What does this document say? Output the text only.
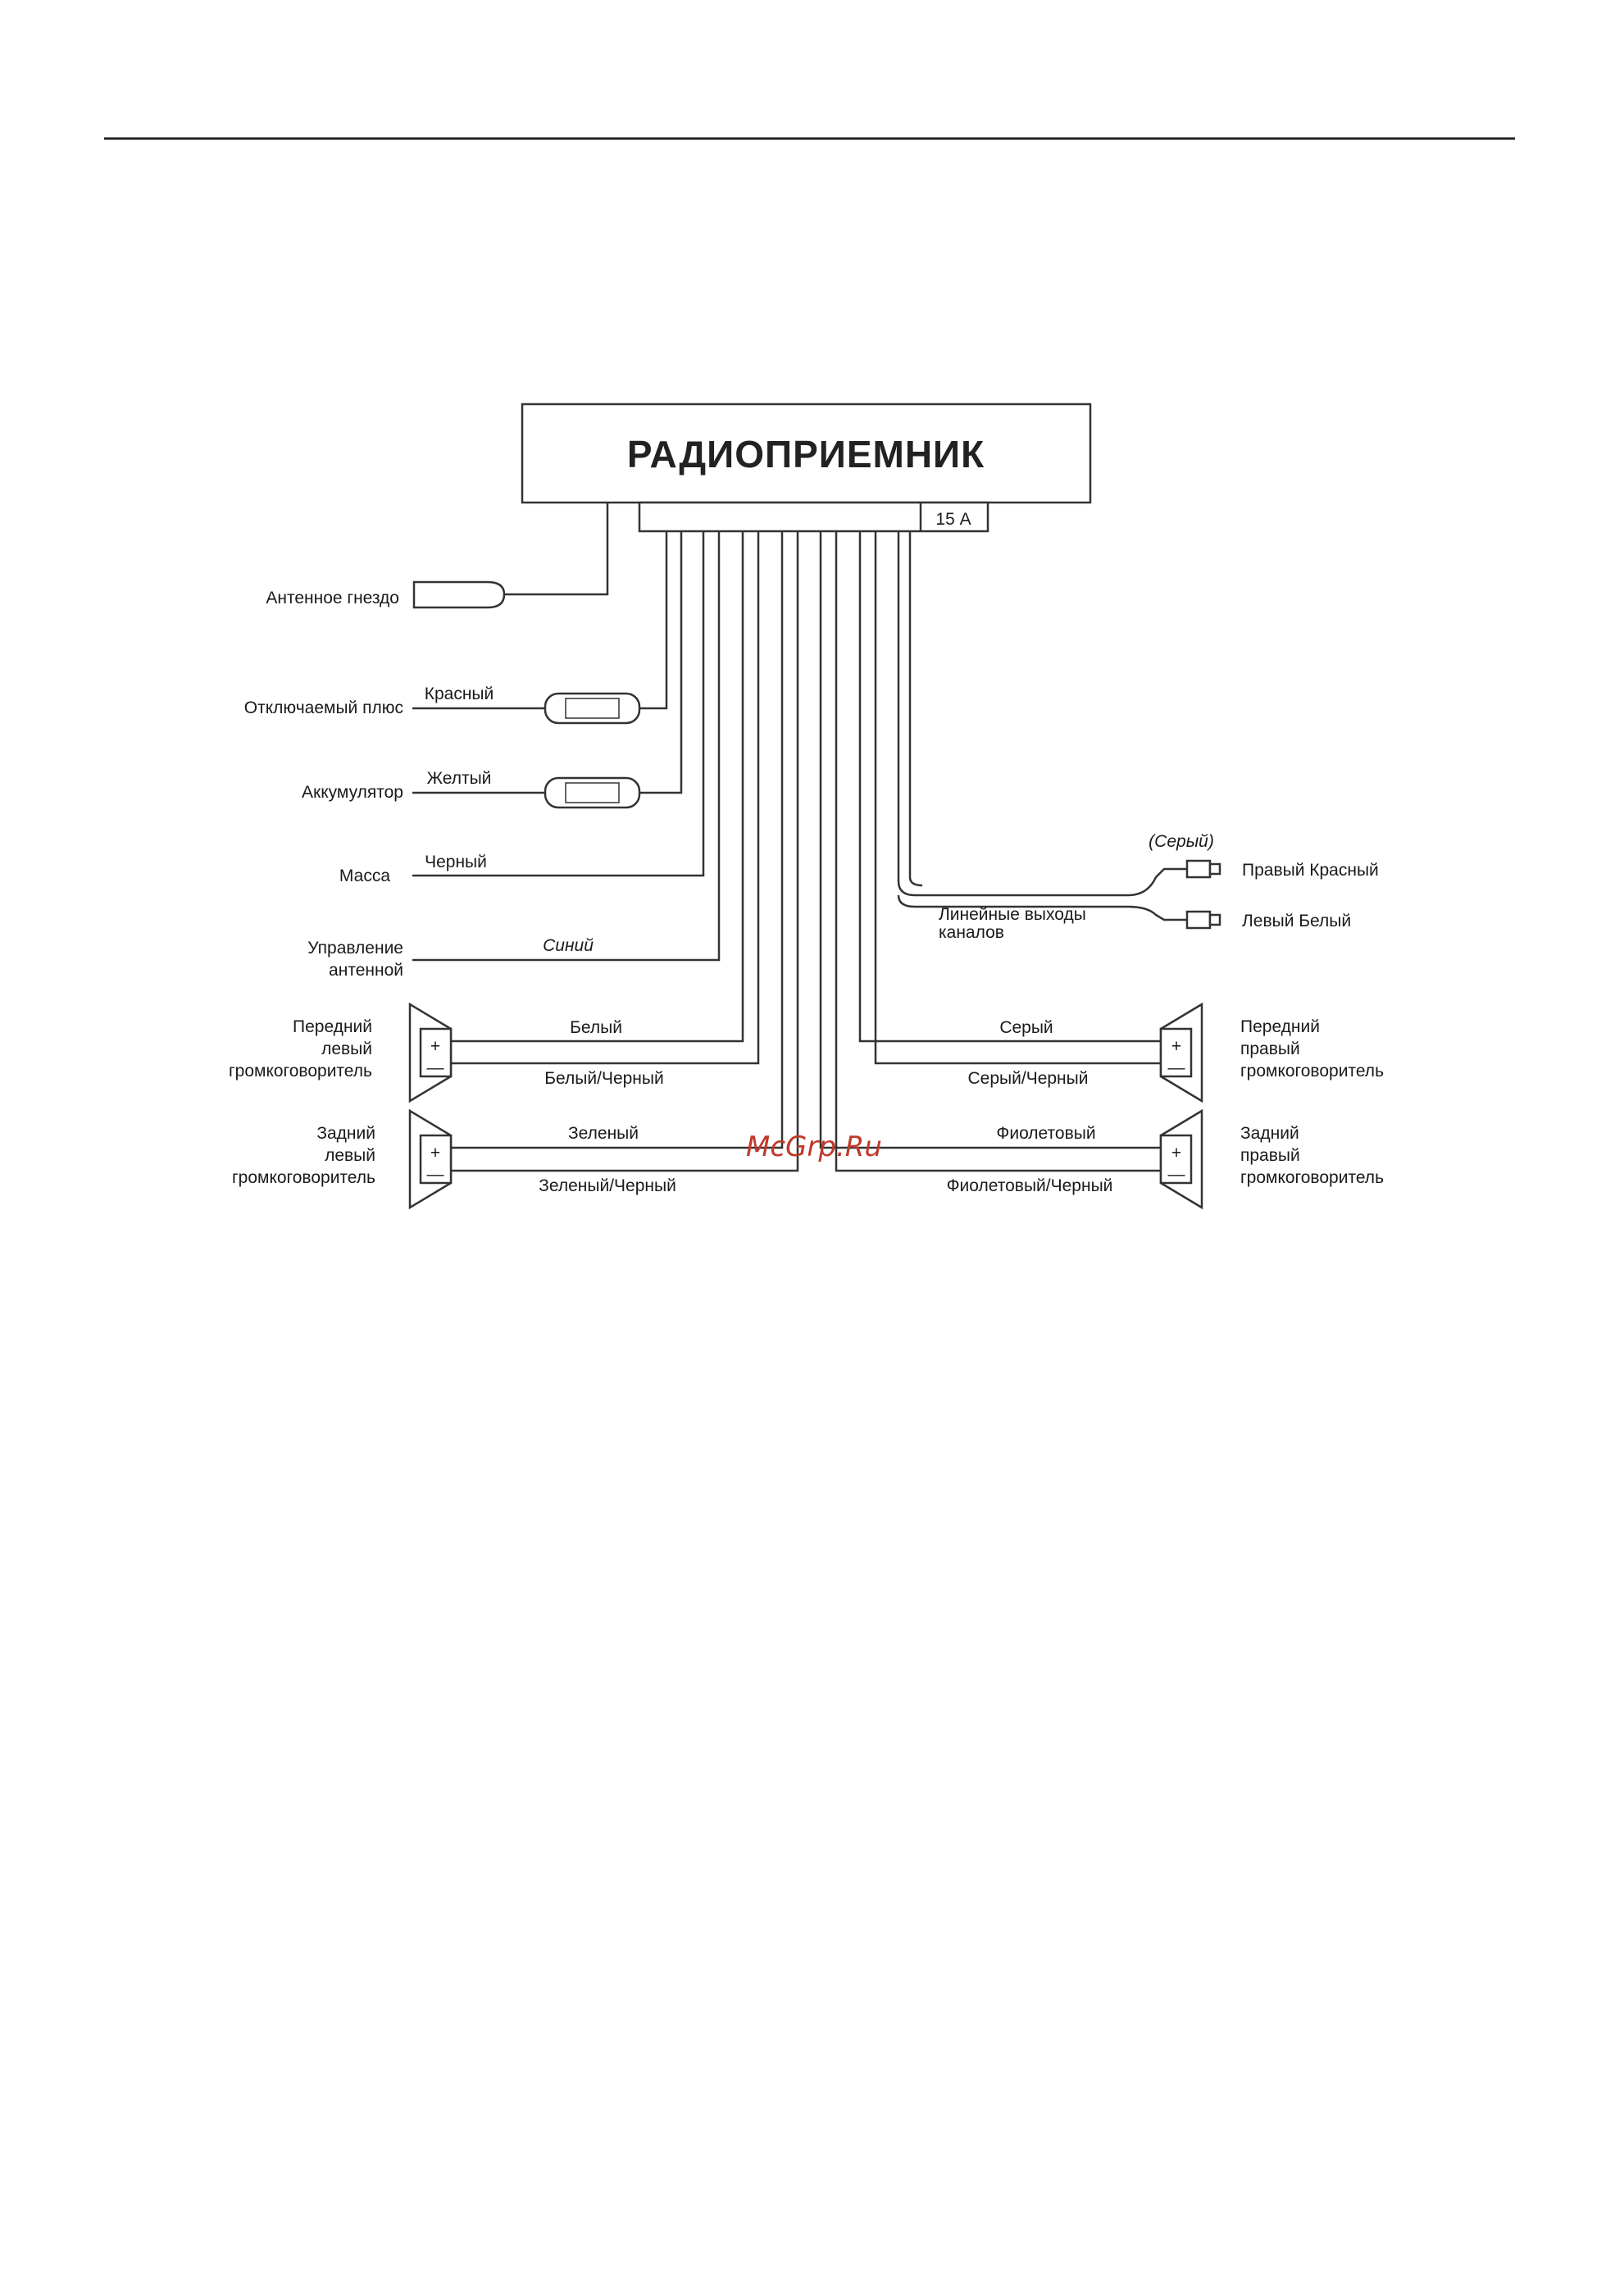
РАДИОПРИЕМНИК
15 А
Антенное гнездо
Отключаемый плюс
Красный
Аккумулятор
Желтый
Масса
Черный
Управление
антенной
Синий
+
—
Белый
Белый/Черный
Передний
левый
громкоговоритель
+
—
Зеленый
Зеленый/Черный
Задний
левый
громкоговоритель
+
—
Фиолетовый
Фиолетовый/Черный
Задний
правый
громкоговоритель
+
—
Серый
Серый/Черный
Передний
правый
громкоговоритель
(Серый)
Правый Красный
Левый Белый
Линейные выходы
каналов
McGrp.Ru
